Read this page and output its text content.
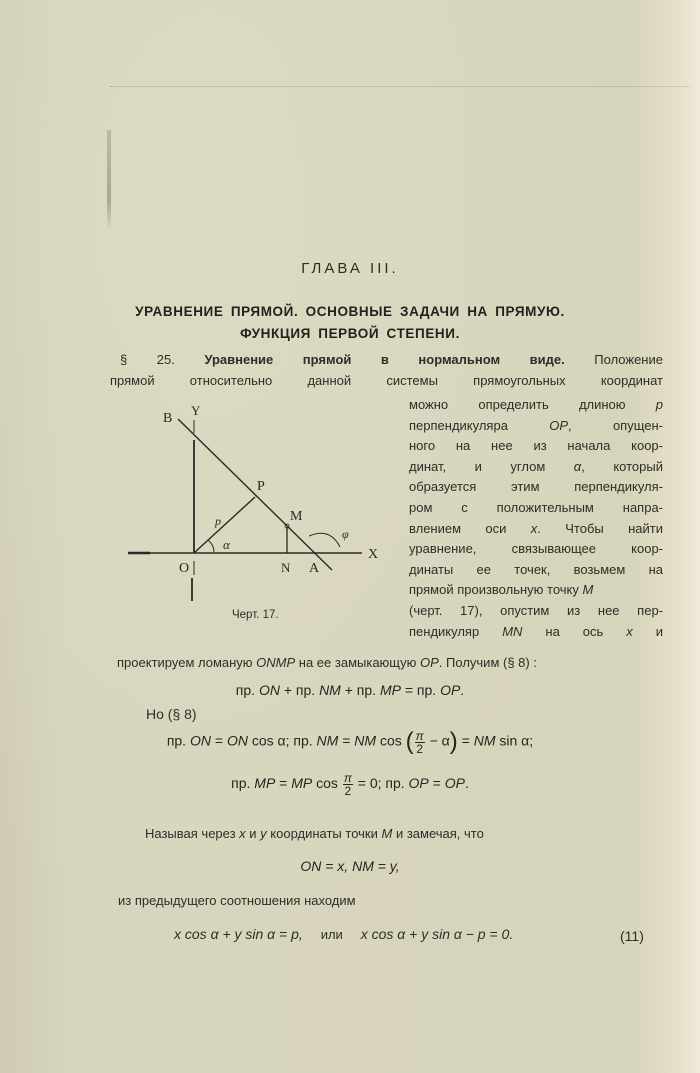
ГЛАВА III.
УРАВНЕНИЕ ПРЯМОЙ. ОСНОВНЫЕ ЗАДАЧИ НА ПРЯМУЮ.
ФУНКЦИЯ ПЕРВОЙ СТЕПЕНИ.
§ 25. Уравнение прямой в нормальном виде. Положение
прямой относительно данной системы прямоугольных координат
можно определить длиною p
перпендикуляра OP, опущен-
ного на нее из начала коор-
динат, и углом α, который
образуется этим перпендикуля-
ром с положительным напра-
влением оси x. Чтобы найти
уравнение, связывающее коор-
динаты ее точек, возьмем на
прямой произвольную точку M
(черт. 17), опустим из нее пер-
пендикуляр MN на ось x и
B
Y
P
M
X
O	N A
p
α
φ
Черт. 17.
проектируем ломаную ONMP на ее замыкающую OP. Получим (§ 8) :
пр. ON + пр. NM + пр. MP = пр. OP.
Но (§ 8)
пр. ON = ON cos α; пр. NM = NM cos ( $\frac{\pi}{2} - \alpha$) = NM sin α;
пр. MP = MP $\cos \frac{\pi}{2} = 0$; пр. OP = OP.
Называя через x и y координаты точки M и замечая, что
ON = x, NM = y,
из предыдущего соотношения находим
x cos α + y sin α = p, или x cos α + y sin α − p = 0.	(11)
